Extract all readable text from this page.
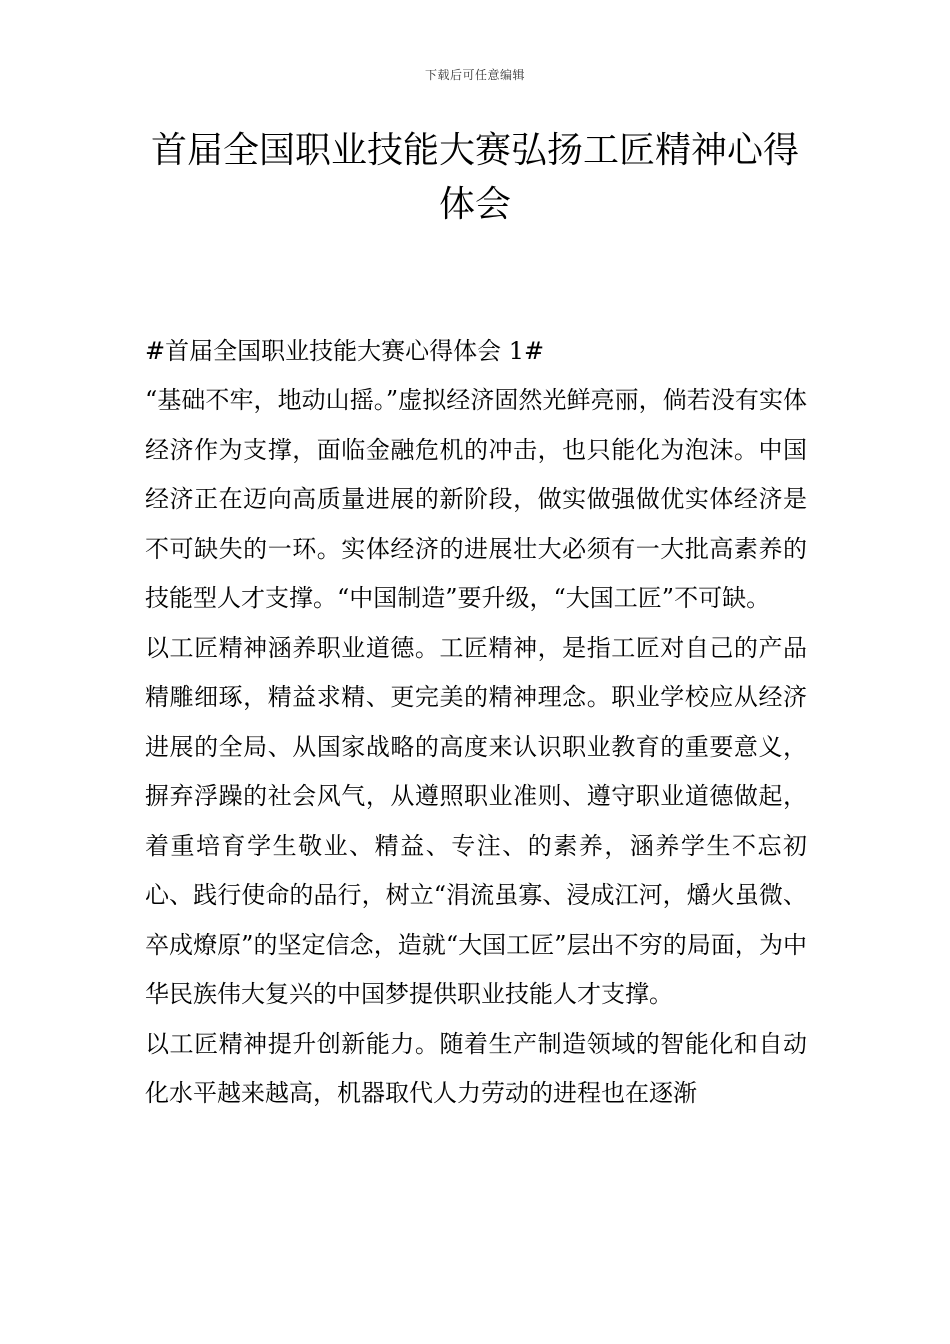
下载后可任意编辑
首届全国职业技能大赛弘扬工匠精神心得体会
#首届全国职业技能大赛心得体会 1#

“基础不牢，地动山摇。”虚拟经济固然光鲜亮丽，倘若没有实体经济作为支撑，面临金融危机的冲击，也只能化为泡沫。中国经济正在迈向高质量进展的新阶段，做实做强做优实体经济是不可缺失的一环。实体经济的进展壮大必须有一大批高素养的技能型人才支撑。“中国制造”要升级，“大国工匠”不可缺。

以工匠精神涵养职业道德。工匠精神，是指工匠对自己的产品精雕细琢，精益求精、更完美的精神理念。职业学校应从经济进展的全局、从国家战略的高度来认识职业教育的重要意义，摒弃浮躁的社会风气，从遵照职业准则、遵守职业道德做起，着重培育学生敬业、精益、专注、的素养，涵养学生不忘初心、践行使命的品行，树立“涓流虽寡、浸成江河，爝火虽微、卒成燎原”的坚定信念，造就“大国工匠”层出不穷的局面，为中华民族伟大复兴的中国梦提供职业技能人才支撑。

以工匠精神提升创新能力。随着生产制造领域的智能化和自动化水平越来越高，机器取代人力劳动的进程也在逐渐
